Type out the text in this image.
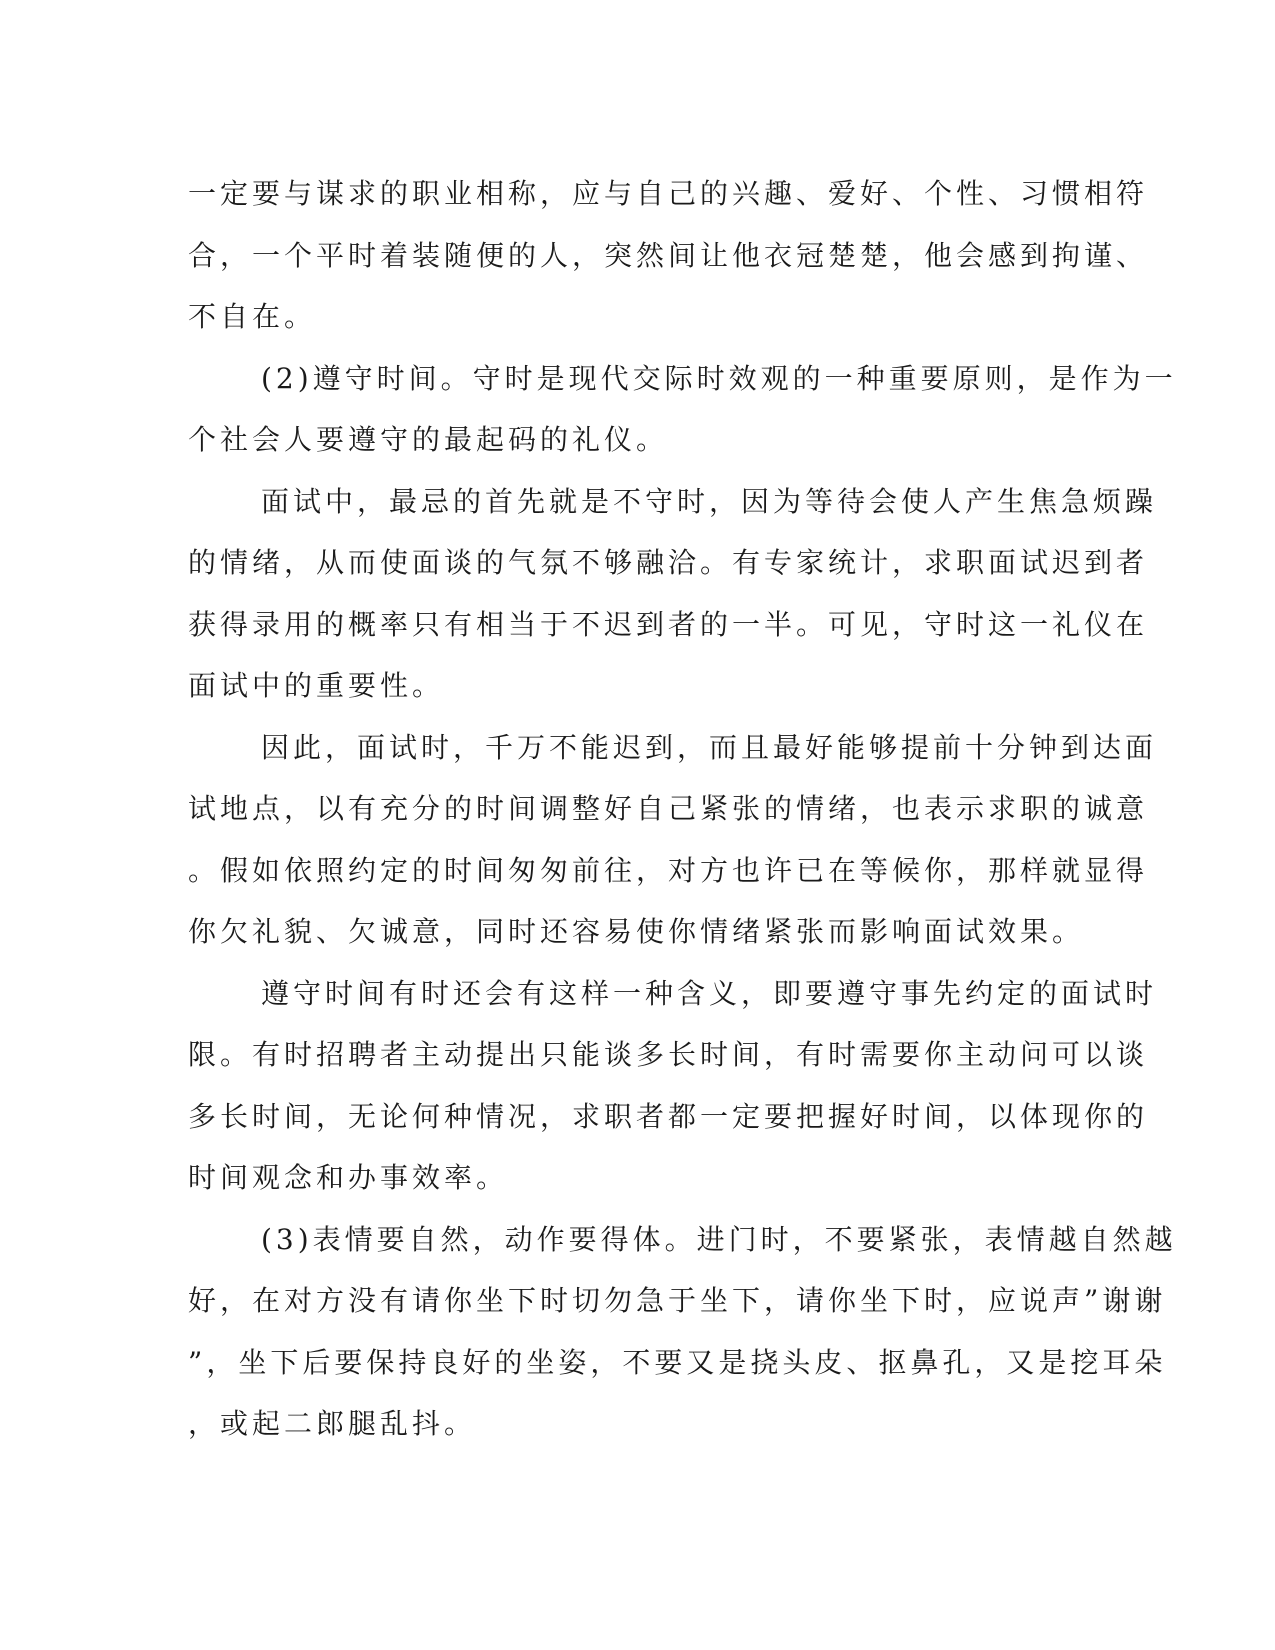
一定要与谋求的职业相称，应与自己的兴趣、爱好、个性、习惯相符
合，一个平时着装随便的人，突然间让他衣冠楚楚，他会感到拘谨、
不自在。
(2)遵守时间。守时是现代交际时效观的一种重要原则，是作为一
个社会人要遵守的最起码的礼仪。
面试中，最忌的首先就是不守时，因为等待会使人产生焦急烦躁
的情绪，从而使面谈的气氛不够融洽。有专家统计，求职面试迟到者
获得录用的概率只有相当于不迟到者的一半。可见，守时这一礼仪在
面试中的重要性。
因此，面试时，千万不能迟到，而且最好能够提前十分钟到达面
试地点，以有充分的时间调整好自己紧张的情绪，也表示求职的诚意
。假如依照约定的时间匆匆前往，对方也许已在等候你，那样就显得
你欠礼貌、欠诚意，同时还容易使你情绪紧张而影响面试效果。
遵守时间有时还会有这样一种含义，即要遵守事先约定的面试时
限。有时招聘者主动提出只能谈多长时间，有时需要你主动问可以谈
多长时间，无论何种情况，求职者都一定要把握好时间，以体现你的
时间观念和办事效率。
(3)表情要自然，动作要得体。进门时，不要紧张，表情越自然越
好，在对方没有请你坐下时切勿急于坐下，请你坐下时，应说声”谢谢
”，坐下后要保持良好的坐姿，不要又是挠头皮、抠鼻孔，又是挖耳朵
，或起二郎腿乱抖。
